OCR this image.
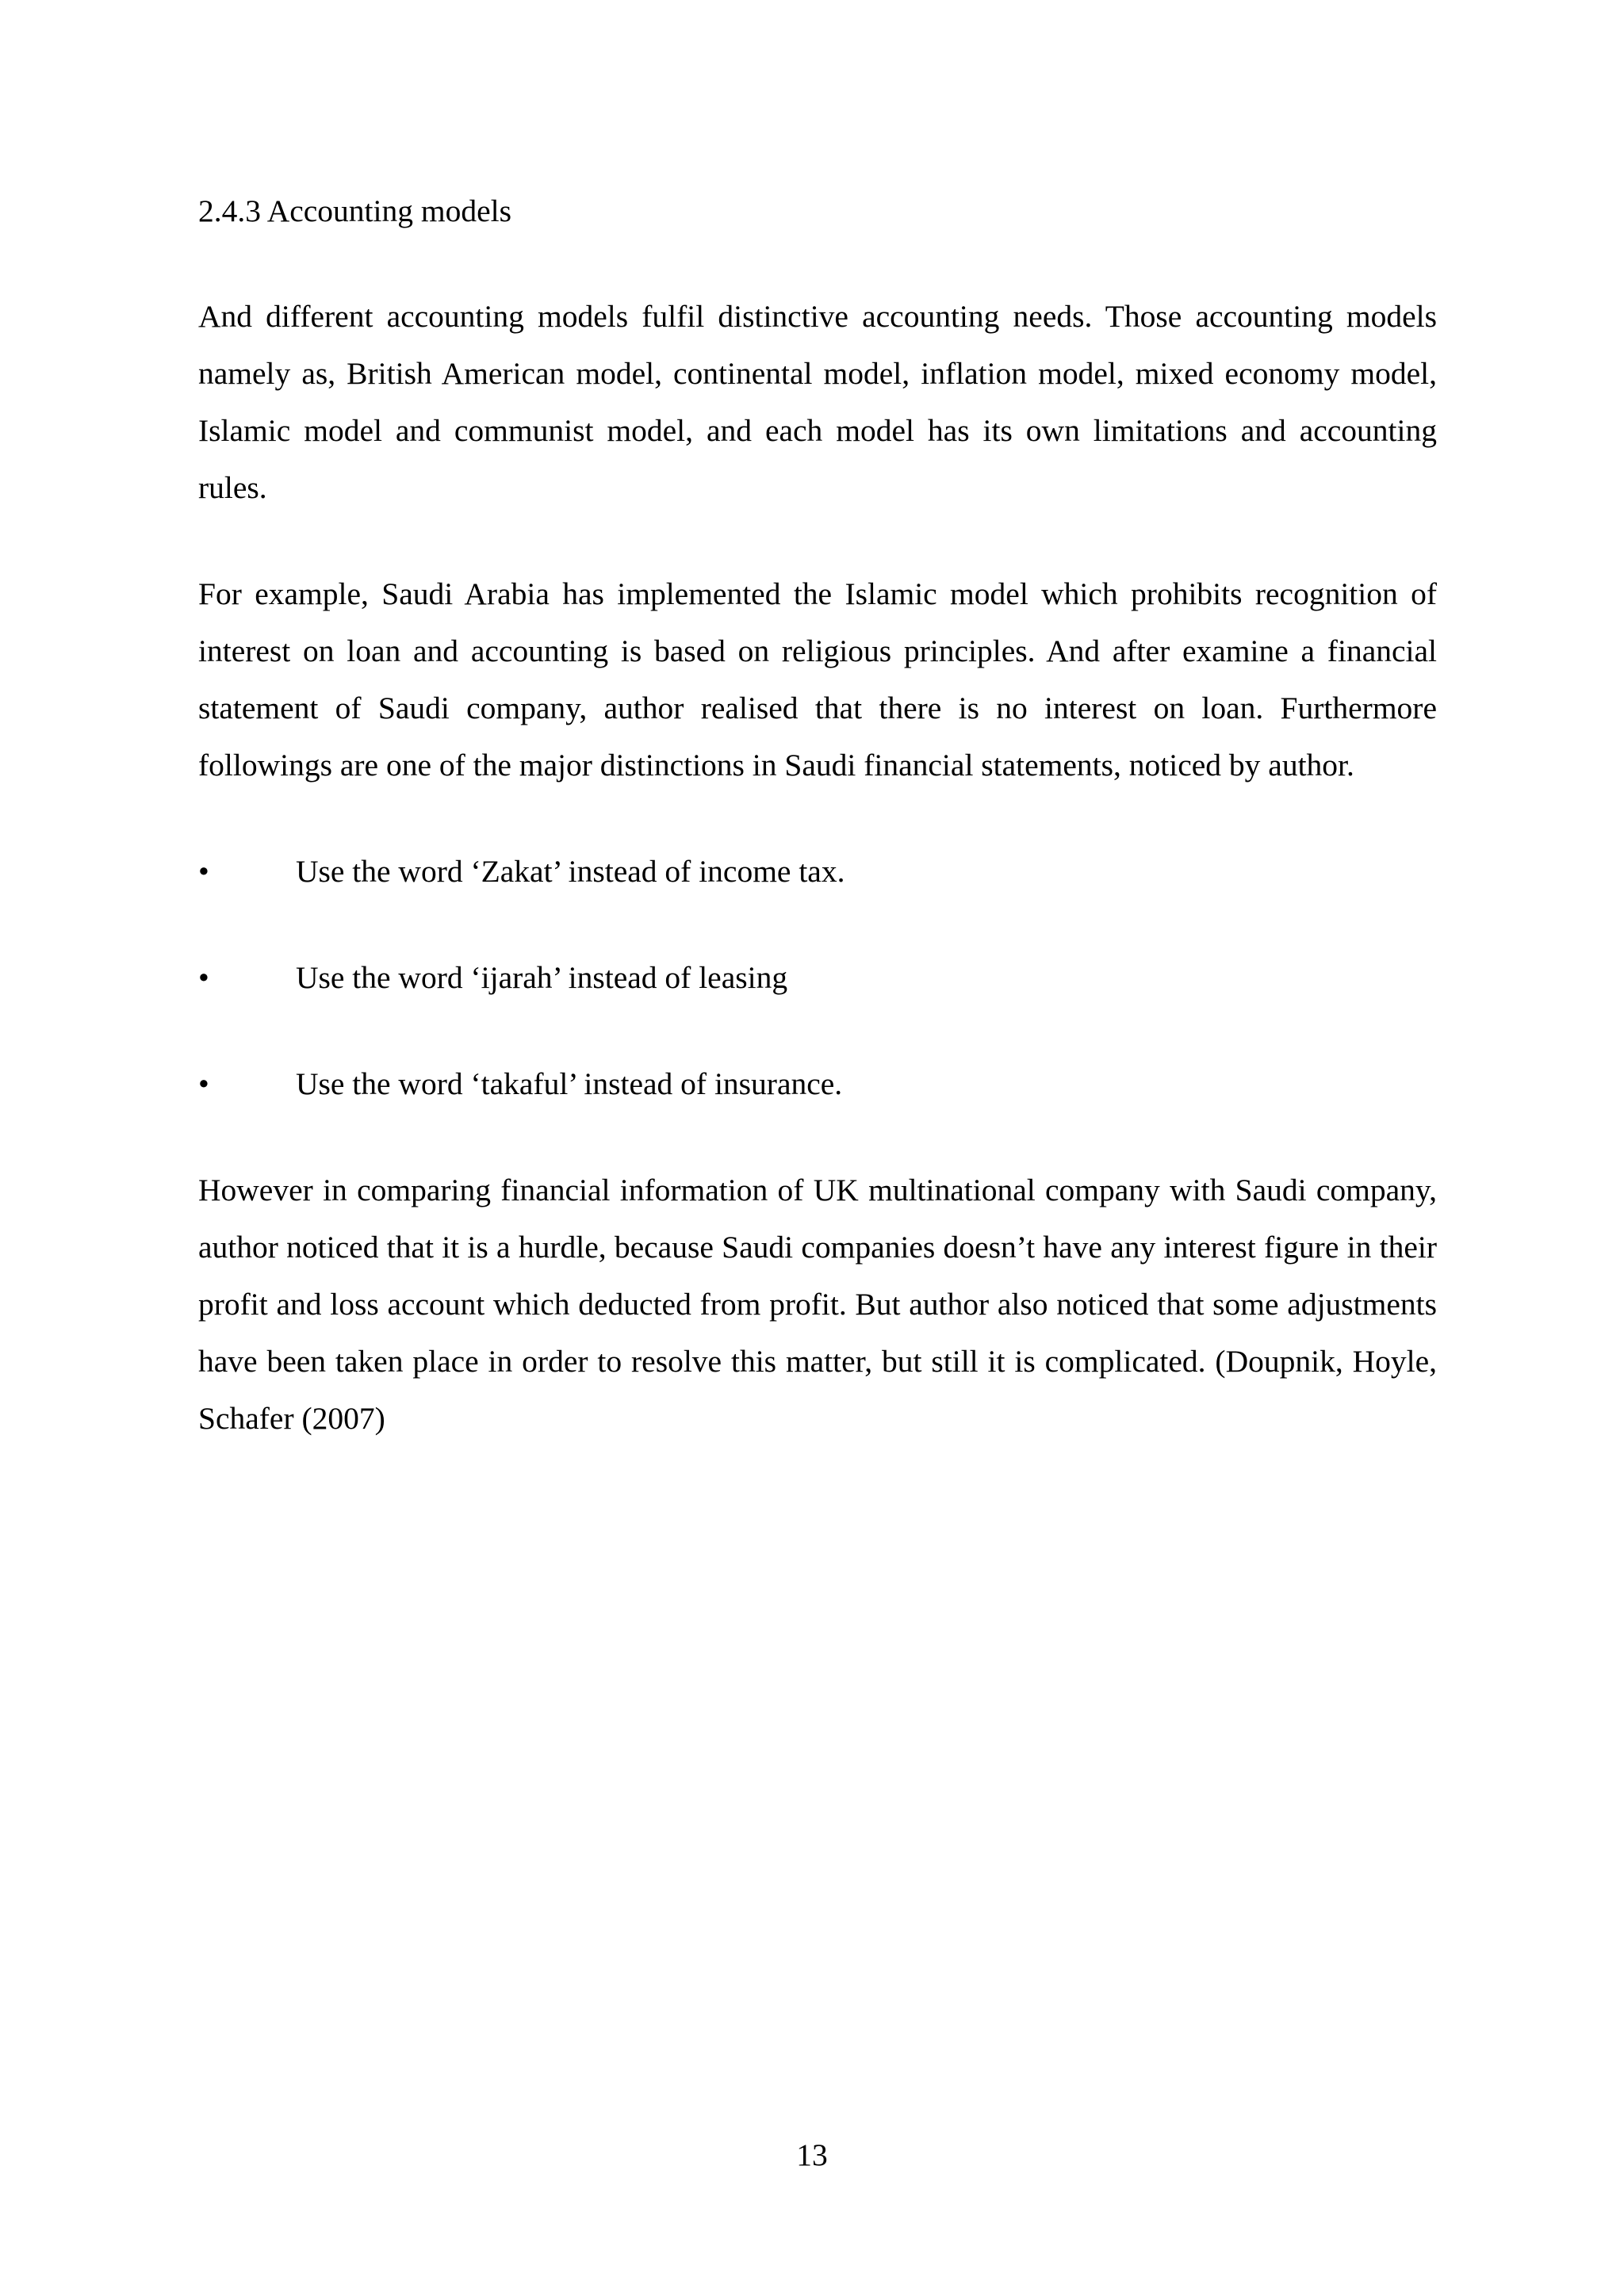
2.4.3 Accounting models

And different accounting models fulfil distinctive accounting needs. Those accounting models namely as, British American model, continental model, inflation model, mixed economy model, Islamic model and communist model, and each model has its own limitations and accounting rules.

For example, Saudi Arabia has implemented the Islamic model which prohibits recognition of interest on loan and accounting is based on religious principles. And after examine a financial statement of Saudi company, author realised that there is no interest on loan. Furthermore followings are one of the major distinctions in Saudi financial statements, noticed by author.

•	Use the word ‘Zakat’ instead of income tax.
•	Use the word ‘ijarah’ instead of leasing
•	Use the word ‘takaful’ instead of insurance.

However in comparing financial information of UK multinational company with Saudi company, author noticed that it is a hurdle, because Saudi companies doesn’t have any interest figure in their profit and loss account which deducted from profit. But author also noticed that some adjustments have been taken place in order to resolve this matter, but still it is complicated. (Doupnik, Hoyle, Schafer (2007)

13
